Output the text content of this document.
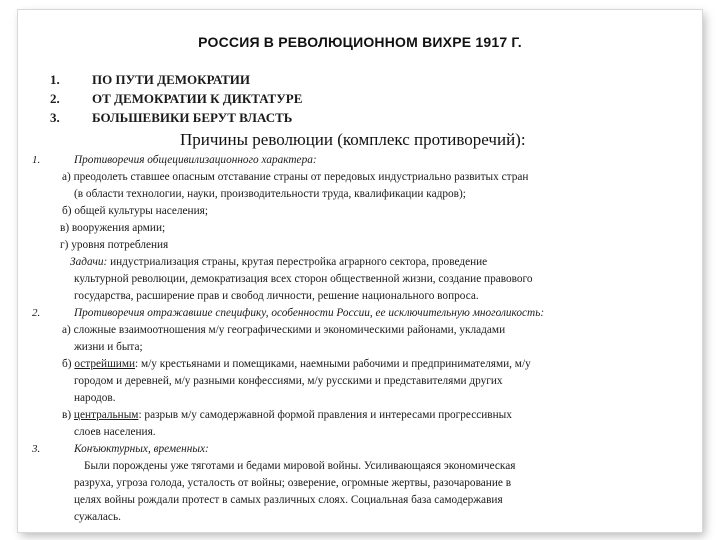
РОССИЯ В РЕВОЛЮЦИОННОМ ВИХРЕ 1917 Г.
1. ПО ПУТИ ДЕМОКРАТИИ
2. ОТ ДЕМОКРАТИИ К ДИКТАТУРЕ
3. БОЛЬШЕВИКИ БЕРУТ ВЛАСТЬ
Причины революции (комплекс противоречий):
1.	Противоречия общецивилизационного характера:
а) преодолеть ставшее опасным отставание страны от передовых индустриально развитых стран
(в области технологии, науки, производительности труда, квалификации кадров);
б) общей культуры населения;
в) вооружения армии;
г) уровня потребления
Задачи: индустриализация страны, крутая перестройка аграрного сектора, проведение
культурной революции, демократизация всех сторон общественной жизни, создание правового
государства, расширение прав и свобод личности, решение национального вопроса.
2.	Противоречия отражавшие специфику, особенности России, ее исключительную многоликость:
а) сложные взаимоотношения м/у географическими и экономическими районами, укладами
жизни и быта;
б) острейшими: м/у крестьянами и помещиками, наемными рабочими и предпринимателями, м/у
городом и деревней, м/у разными конфессиями, м/у русскими и представителями других
народов.
в) центральным: разрыв м/у самодержавной формой правления и интересами прогрессивных
слоев населения.
3.	Конъюктурных, временных:
Были порождены уже тяготами и бедами мировой войны. Усиливающаяся экономическая
разруха, угроза голода, усталость от войны; озверение, огромные жертвы, разочарование в
целях войны рождали протест в самых различных слоях. Социальная база самодержавия
сужалась.
